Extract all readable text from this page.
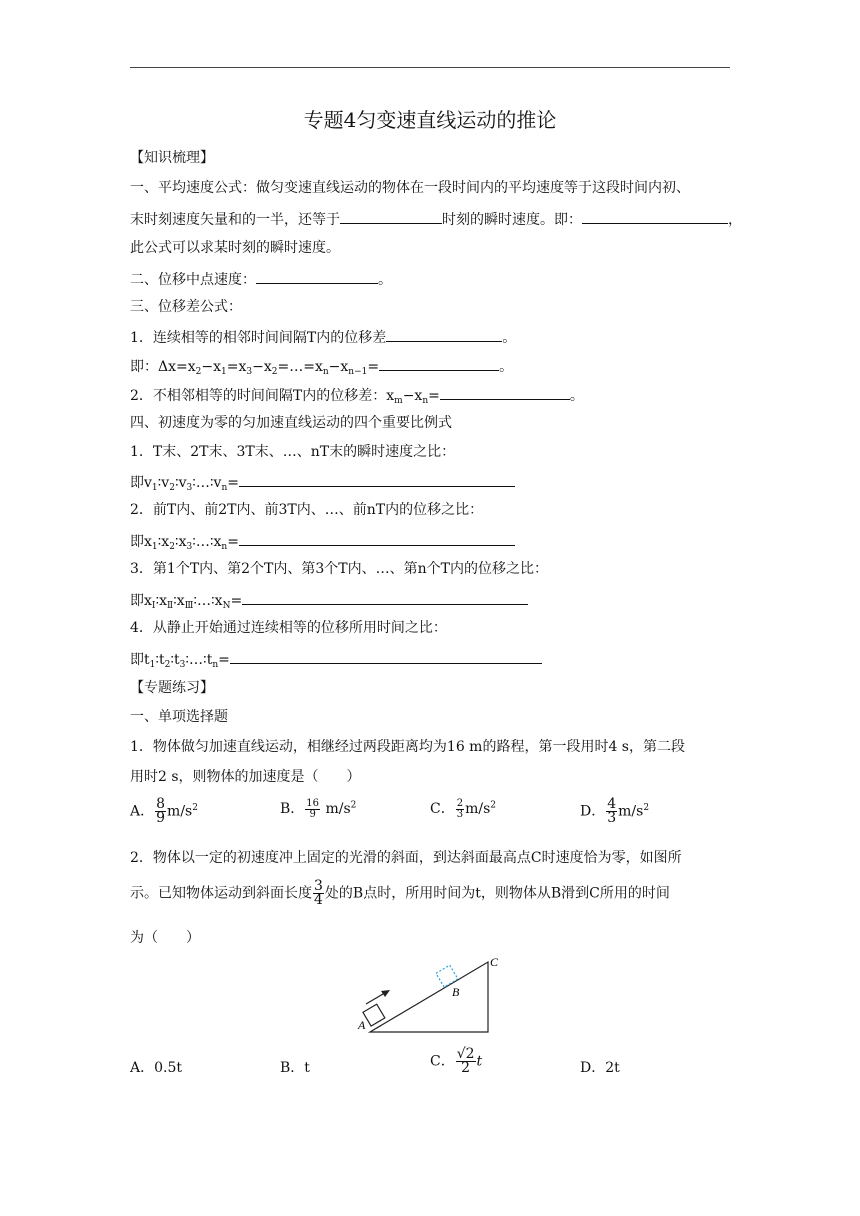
专题4匀变速直线运动的推论
【知识梳理】
一、平均速度公式：做匀变速直线运动的物体在一段时间内的平均速度等于这段时间内初、
末时刻速度矢量和的一半，还等于	时刻的瞬时速度。即：	，
此公式可以求某时刻的瞬时速度。
二、位移中点速度：	。
三、位移差公式：
1．连续相等的相邻时间间隔T内的位移差	。
即：$\Delta x=x_2-x_1=x_3-x_2=\dots=x_n-x_{n-1}=$	。
2．不相邻相等的时间间隔T内的位移差：$x_m-x_n=$	。
四、初速度为零的匀加速直线运动的四个重要比例式
1．T末、2T末、3T末、…、nT末的瞬时速度之比：
即$v_1∶v_2∶v_3∶\dots∶v_n=$
2．前T内、前2T内、前3T内、…、前nT内的位移之比：
即$x_1∶x_2∶x_3∶\dots∶x_n=$
3．第1个T内、第2个T内、第3个T内、…、第n个T内的位移之比：
即$x_Ⅰ∶x_Ⅱ∶x_Ⅲ∶\dots∶x_N=$
4．从静止开始通过连续相等的位移所用时间之比：
即$t_1∶t_2∶t_3∶\dots∶t_n=$
【专题练习】
一、单项选择题
1．物体做匀加速直线运动，相继经过两段距离均为16 m的路程，第一段用时4 s，第二段
用时2 s，则物体的加速度是（　　）
A． $\frac{8}{9} m/s^2$	B． $\frac{16}{9} m/s^2$	C． $\frac{2}{3} m/s^2$	D． $\frac{4}{3} m/s^2$
2．物体以一定的初速度冲上固定的光滑的斜面，到达斜面最高点C时速度恰为零，如图所
示。已知物体运动到斜面长度 $\frac{3}{4}$ 处的B点时，所用时间为t，则物体从B滑到C所用的时间
为（　　）
A
B
C
A．0.5t	B．t	C． $\frac{√2}{2}$ t	D．2t
